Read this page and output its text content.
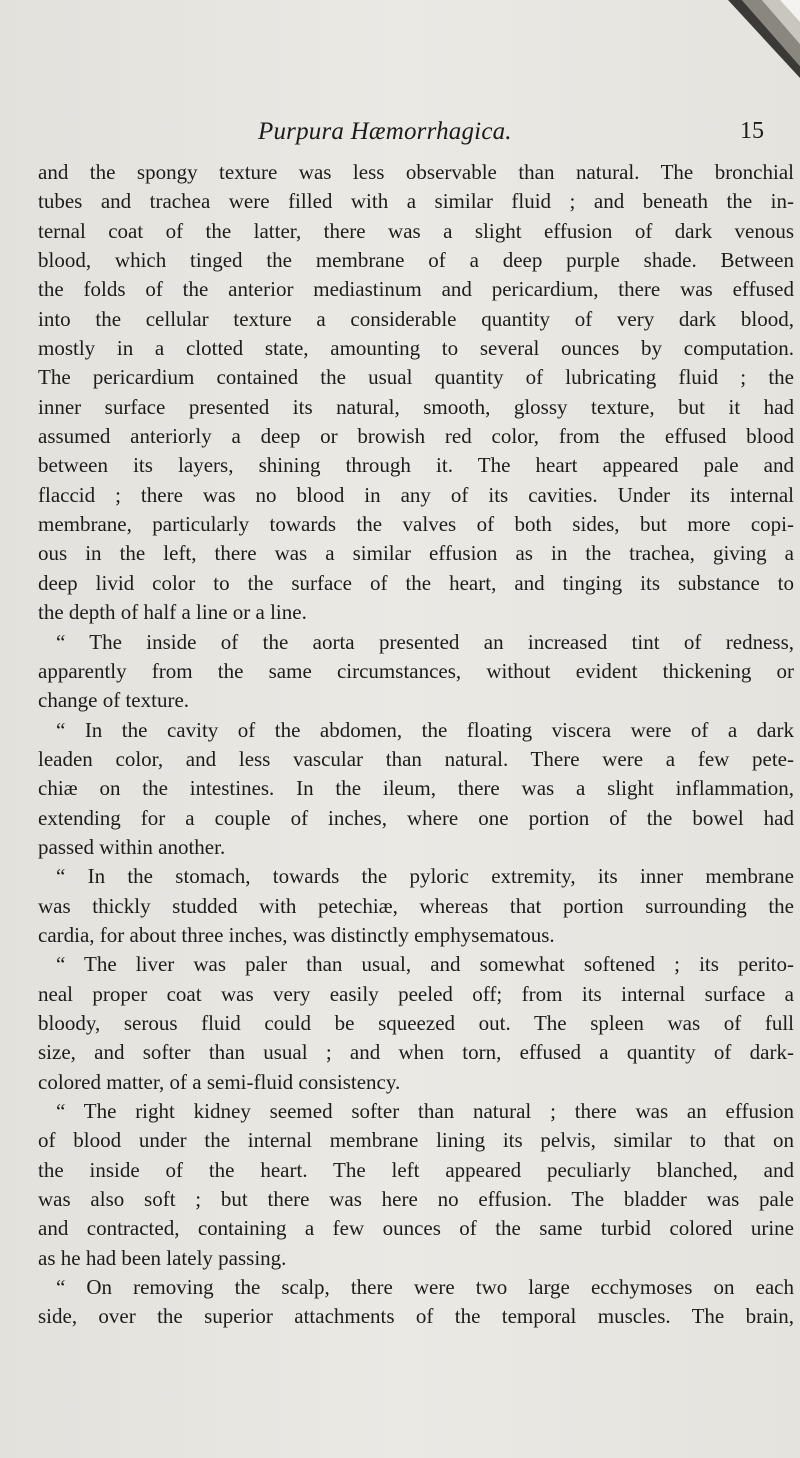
Purpura Hæmorrhagica.	15
and the spongy texture was less observable than natural. The bronchial
tubes and trachea were filled with a similar fluid ; and beneath the in-
ternal coat of the latter, there was a slight effusion of dark venous
blood, which tinged the membrane of a deep purple shade. Between
the folds of the anterior mediastinum and pericardium, there was effused
into the cellular texture a considerable quantity of very dark blood,
mostly in a clotted state, amounting to several ounces by computation.
The pericardium contained the usual quantity of lubricating fluid ; the
inner surface presented its natural, smooth, glossy texture, but it had
assumed anteriorly a deep or browish red color, from the effused blood
between its layers, shining through it. The heart appeared pale and
flaccid ; there was no blood in any of its cavities. Under its internal
membrane, particularly towards the valves of both sides, but more copi-
ous in the left, there was a similar effusion as in the trachea, giving a
deep livid color to the surface of the heart, and tinging its substance to
the depth of half a line or a line.
“ The inside of the aorta presented an increased tint of redness,
apparently from the same circumstances, without evident thickening or
change of texture.
“ In the cavity of the abdomen, the floating viscera were of a dark
leaden color, and less vascular than natural. There were a few pete-
chiæ on the intestines. In the ileum, there was a slight inflammation,
extending for a couple of inches, where one portion of the bowel had
passed within another.
“ In the stomach, towards the pyloric extremity, its inner membrane
was thickly studded with petechiæ, whereas that portion surrounding the
cardia, for about three inches, was distinctly emphysematous.
“ The liver was paler than usual, and somewhat softened ; its perito-
neal proper coat was very easily peeled off; from its internal surface a
bloody, serous fluid could be squeezed out. The spleen was of full
size, and softer than usual ; and when torn, effused a quantity of dark-
colored matter, of a semi-fluid consistency.
“ The right kidney seemed softer than natural ; there was an effusion
of blood under the internal membrane lining its pelvis, similar to that on
the inside of the heart. The left appeared peculiarly blanched, and
was also soft ; but there was here no effusion. The bladder was pale
and contracted, containing a few ounces of the same turbid colored urine
as he had been lately passing.
“ On removing the scalp, there were two large ecchymoses on each
side, over the superior attachments of the temporal muscles. The brain,
